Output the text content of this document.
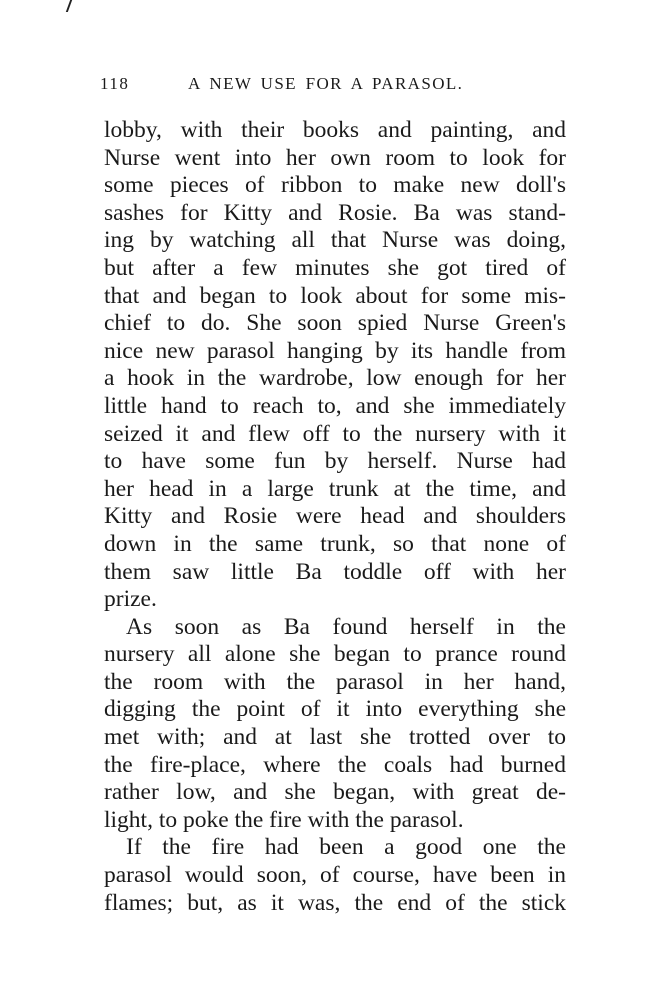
118	A NEW USE FOR A PARASOL.
lobby, with their books and painting, and
Nurse went into her own room to look for
some pieces of ribbon to make new doll's
sashes for Kitty and Rosie. Ba was stand-
ing by watching all that Nurse was doing,
but after a few minutes she got tired of
that and began to look about for some mis-
chief to do. She soon spied Nurse Green's
nice new parasol hanging by its handle from
a hook in the wardrobe, low enough for her
little hand to reach to, and she immediately
seized it and flew off to the nursery with it
to have some fun by herself. Nurse had
her head in a large trunk at the time, and
Kitty and Rosie were head and shoulders
down in the same trunk, so that none of
them saw little Ba toddle off with her
prize.
As soon as Ba found herself in the
nursery all alone she began to prance round
the room with the parasol in her hand,
digging the point of it into everything she
met with; and at last she trotted over to
the fire-place, where the coals had burned
rather low, and she began, with great de-
light, to poke the fire with the parasol.
If the fire had been a good one the
parasol would soon, of course, have been in
flames; but, as it was, the end of the stick
